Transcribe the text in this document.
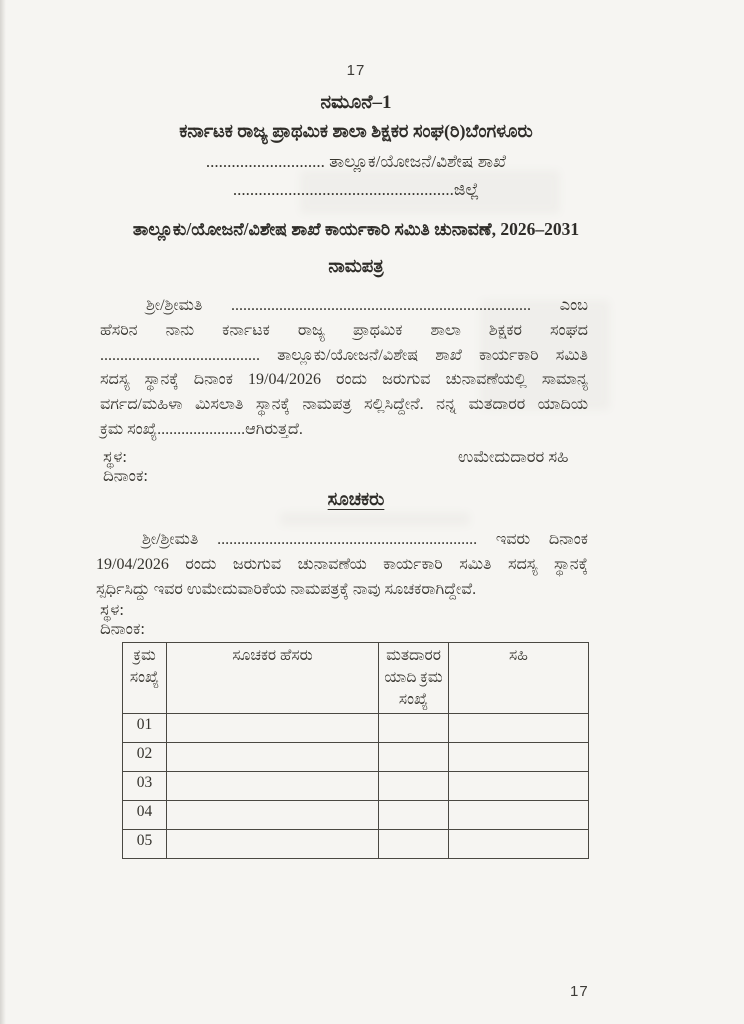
17
ನಮೂನೆ–1
ಕರ್ನಾಟಕ ರಾಜ್ಯ ಪ್ರಾಥಮಿಕ ಶಾಲಾ ಶಿಕ್ಷಕರ ಸಂಘ(ರಿ)ಬೆಂಗಳೂರು
............................ ತಾಲ್ಲೂಕ/ಯೋಜನೆ/ವಿಶೇಷ ಶಾಖೆ
....................................................ಜಿಲ್ಲೆ
ತಾಲ್ಲೂಕು/ಯೋಜನೆ/ವಿಶೇಷ ಶಾಖೆ ಕಾರ್ಯಕಾರಿ ಸಮಿತಿ ಚುನಾವಣೆ, 2026–2031
ನಾಮಪತ್ರ
ಶ್ರೀ/ಶ್ರೀಮತಿ ........................................................................... ಎಂಬ
ಹೆಸರಿನ ನಾನು ಕರ್ನಾಟಕ ರಾಜ್ಯ ಪ್ರಾಥಮಿಕ ಶಾಲಾ ಶಿಕ್ಷಕರ ಸಂಘದ
........................................ ತಾಲ್ಲೂಕು/ಯೋಜನೆ/ವಿಶೇಷ ಶಾಖೆ ಕಾರ್ಯಕಾರಿ ಸಮಿತಿ
ಸದಸ್ಯ ಸ್ಥಾನಕ್ಕೆ ದಿನಾಂಕ 19/04/2026 ರಂದು ಜರುಗುವ ಚುನಾವಣೆಯಲ್ಲಿ ಸಾಮಾನ್ಯ
ವರ್ಗದ/ಮಹಿಳಾ ಮಿಸಲಾತಿ ಸ್ಥಾನಕ್ಕೆ ನಾಮಪತ್ರ ಸಲ್ಲಿಸಿದ್ದೇನೆ. ನನ್ನ ಮತದಾರರ ಯಾದಿಯ
ಕ್ರಮ ಸಂಖ್ಯೆ......................ಆಗಿರುತ್ತದೆ.
ಸ್ಥಳ:	ಉಮೇದುದಾರರ ಸಹಿ
ದಿನಾಂಕ:
ಸೂಚಕರು
ಶ್ರೀ/ಶ್ರೀಮತಿ ................................................................. ಇವರು ದಿನಾಂಕ
19/04/2026 ರಂದು ಜರುಗುವ ಚುನಾವಣೆಯ ಕಾರ್ಯಕಾರಿ ಸಮಿತಿ ಸದಸ್ಯ ಸ್ಥಾನಕ್ಕೆ
ಸ್ಪರ್ಧಿಸಿದ್ದು ಇವರ ಉಮೇದುವಾರಿಕೆಯ ನಾಮಪತ್ರಕ್ಕೆ ನಾವು ಸೂಚಕರಾಗಿದ್ದೇವೆ.
ಸ್ಥಳ:
ದಿನಾಂಕ:
ಕ್ರಮ ಸಂಖ್ಯೆ	ಸೂಚಕರ ಹೆಸರು	ಮತದಾರರ ಯಾದಿ ಕ್ರಮ ಸಂಖ್ಯೆ	ಸಹಿ
01			
02			
03			
04			
05			
17
